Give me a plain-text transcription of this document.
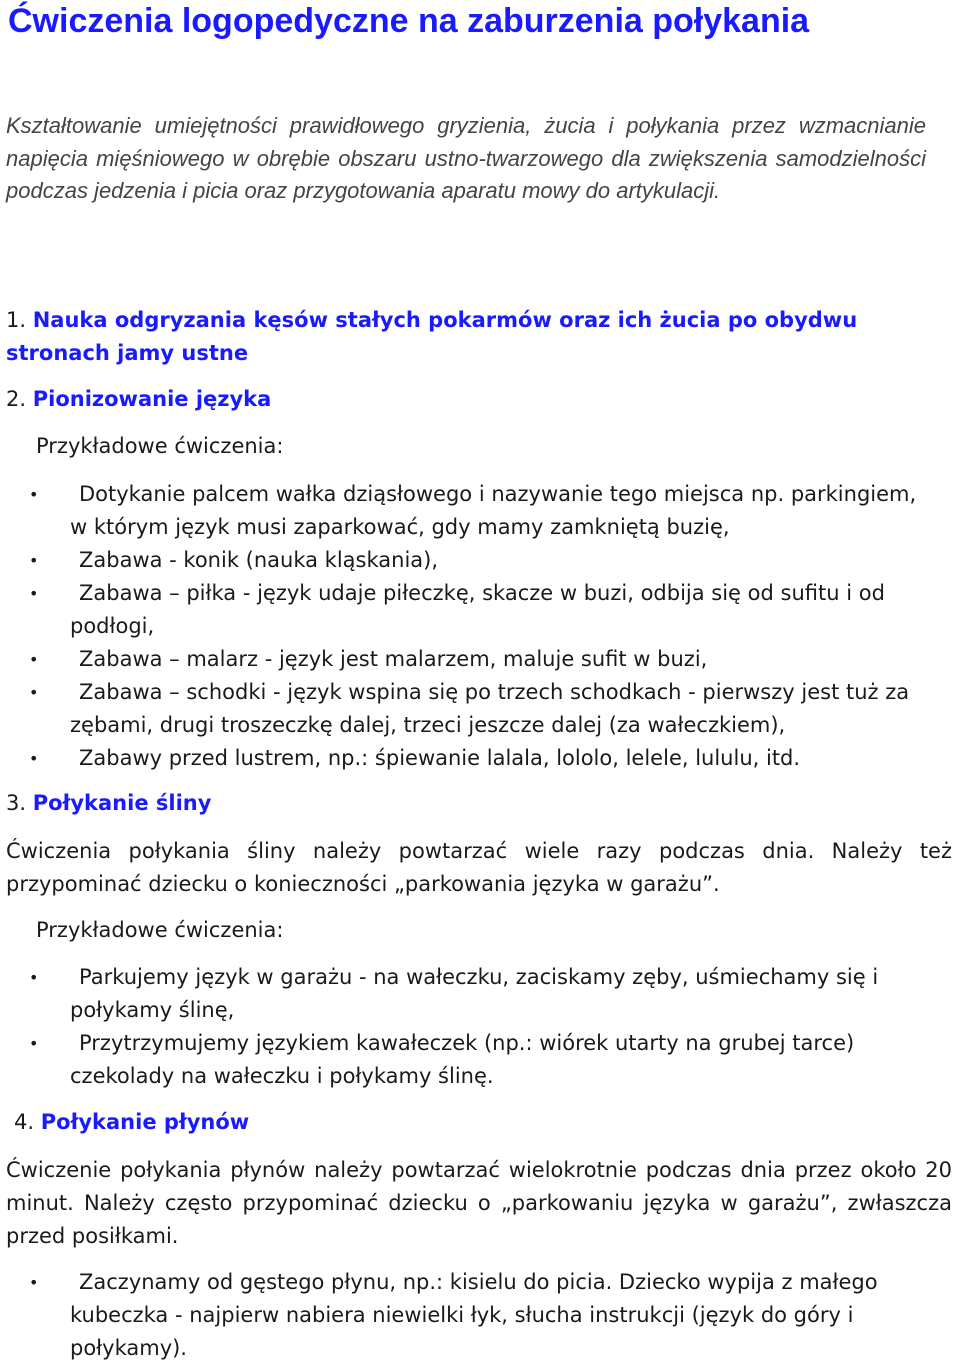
Ćwiczenia logopedyczne na zaburzenia połykania

Kształtowanie umiejętności prawidłowego gryzienia, żucia i połykania przez wzmacnianie napięcia mięśniowego w obrębie obszaru ustno-twarzowego dla zwiększenia samodzielności podczas jedzenia i picia oraz przygotowania aparatu mowy do artykulacji.

1. Nauka odgryzania kęsów stałych pokarmów oraz ich żucia po obydwu stronach jamy ustne
2. Pionizowanie języka
Przykładowe ćwiczenia:
•	Dotykanie palcem wałka dziąsłowego i nazywanie tego miejsca np. parkingiem, w którym język musi zaparkować, gdy mamy zamkniętą buzię,
•	Zabawa - konik (nauka kląskania),
•	Zabawa – piłka - język udaje piłeczkę, skacze w buzi, odbija się od sufitu i od podłogi,
•	Zabawa – malarz - język jest malarzem, maluje sufit w buzi,
•	Zabawa – schodki - język wspina się po trzech schodkach - pierwszy jest tuż za zębami, drugi troszeczkę dalej, trzeci jeszcze dalej (za wałeczkiem),
•	Zabawy przed lustrem, np.: śpiewanie lalala, lololo, lelele, lululu, itd.
3. Połykanie śliny

Ćwiczenia połykania śliny należy powtarzać wiele razy podczas dnia. Należy też przypominać dziecku o konieczności „parkowania języka w garażu”.

Przykładowe ćwiczenia:
•	Parkujemy język w garażu - na wałeczku, zaciskamy zęby, uśmiechamy się i połykamy ślinę,
•	Przytrzymujemy językiem kawałeczek (np.: wiórek utarty na grubej tarce) czekolady na wałeczku i połykamy ślinę.
4. Połykanie płynów

Ćwiczenie połykania płynów należy powtarzać wielokrotnie podczas dnia przez około 20 minut. Należy często przypominać dziecku o „parkowaniu języka w garażu”, zwłaszcza przed posiłkami.

•	Zaczynamy od gęstego płynu, np.: kisielu do picia. Dziecko wypija z małego kubeczka - najpierw nabiera niewielki łyk, słucha instrukcji (język do góry i połykamy).
